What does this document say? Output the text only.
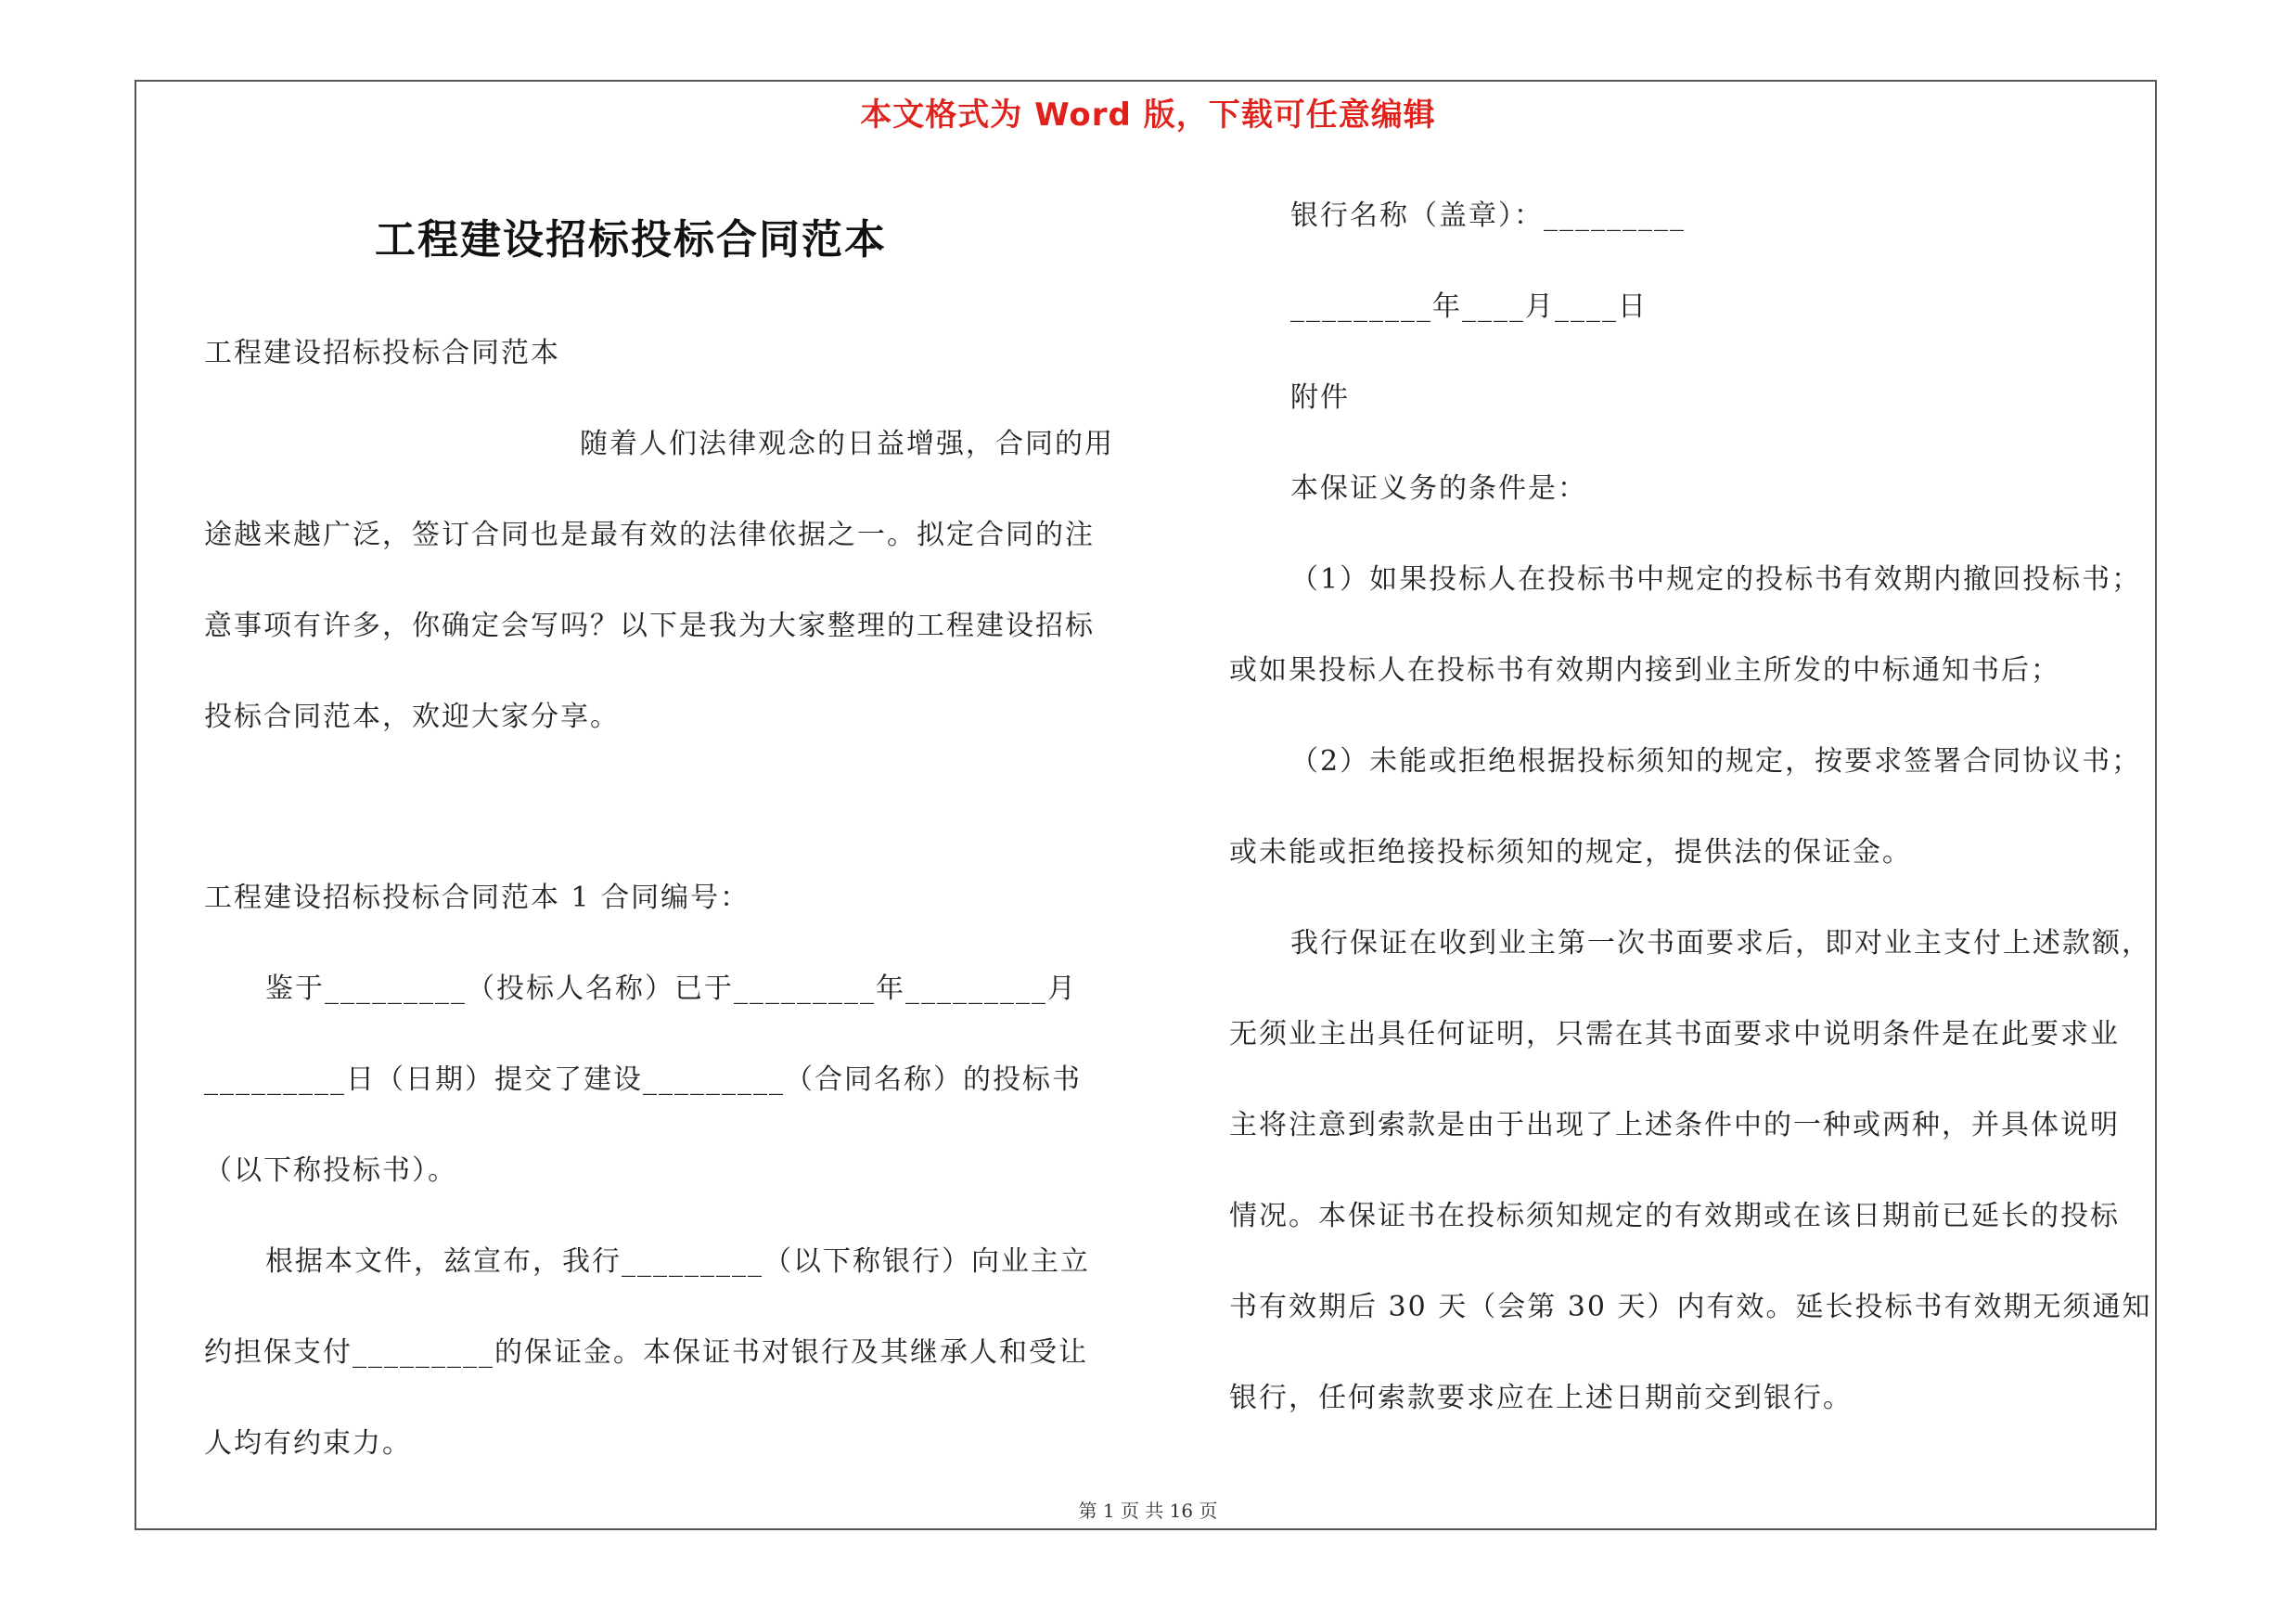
本文格式为 Word 版，下载可任意编辑
工程建设招标投标合同范本
工程建设招标投标合同范本
随着人们法律观念的日益增强，合同的用
途越来越广泛，签订合同也是最有效的法律依据之一。拟定合同的注
意事项有许多，你确定会写吗？以下是我为大家整理的工程建设招标
投标合同范本，欢迎大家分享。
工程建设招标投标合同范本 1 合同编号：
鉴于_________（投标人名称）已于_________年_________月
_________日（日期）提交了建设_________（合同名称）的投标书
（以下称投标书）。
根据本文件，兹宣布，我行_________（以下称银行）向业主立
约担保支付_________的保证金。本保证书对银行及其继承人和受让
人均有约束力。
银行名称（盖章）：_________
_________年____月____日
附件
本保证义务的条件是：
（1）如果投标人在投标书中规定的投标书有效期内撤回投标书；
或如果投标人在投标书有效期内接到业主所发的中标通知书后；
（2）未能或拒绝根据投标须知的规定，按要求签署合同协议书；
或未能或拒绝接投标须知的规定，提供法的保证金。
我行保证在收到业主第一次书面要求后，即对业主支付上述款额，
无须业主出具任何证明，只需在其书面要求中说明条件是在此要求业
主将注意到索款是由于出现了上述条件中的一种或两种，并具体说明
情况。本保证书在投标须知规定的有效期或在该日期前已延长的投标
书有效期后 30 天（会第 30 天）内有效。延长投标书有效期无须通知
银行，任何索款要求应在上述日期前交到银行。
第 1 页 共 16 页
